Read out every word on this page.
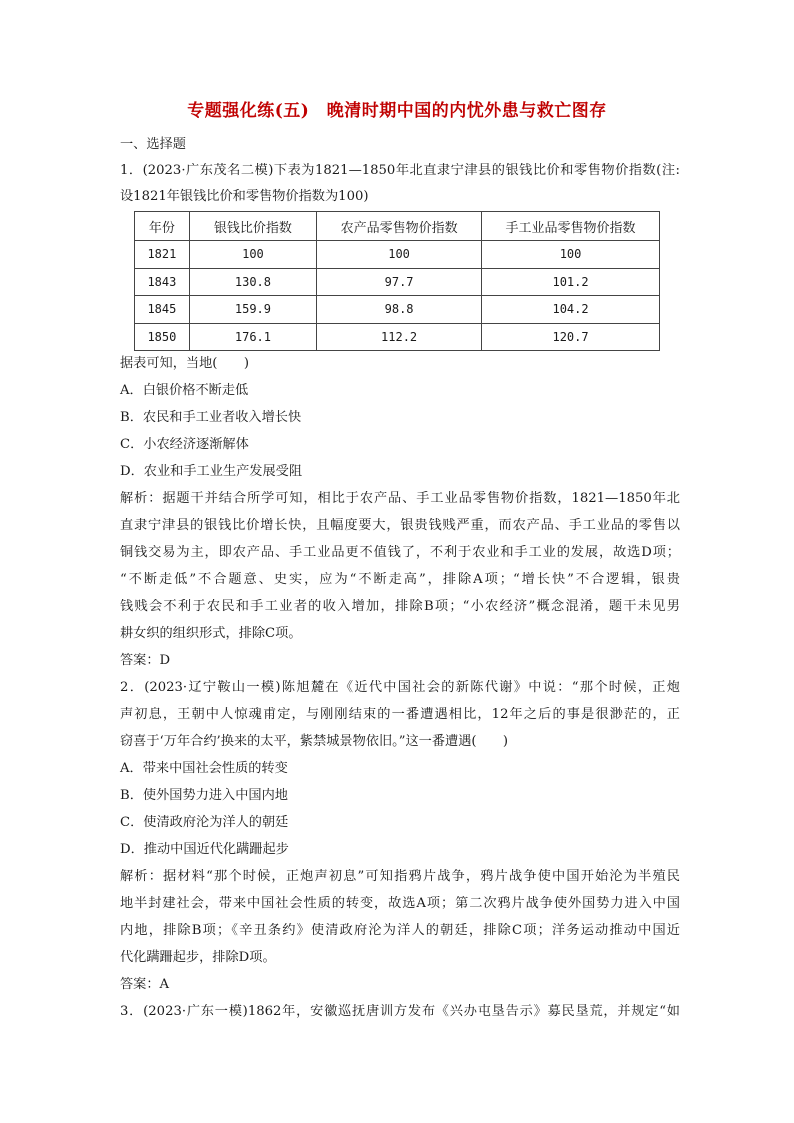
专题强化练(五)　晚清时期中国的内忧外患与救亡图存
一、选择题
1．(2023·广东茂名二模)下表为1821—1850年北直隶宁津县的银钱比价和零售物价指数(注:
设1821年银钱比价和零售物价指数为100)
年份	银钱比价指数	农产品零售物价指数	手工业品零售物价指数
1821	100	100	100
1843	130.8	97.7	101.2
1845	159.9	98.8	104.2
1850	176.1	112.2	120.7
据表可知，当地(　　)
A．白银价格不断走低
B．农民和手工业者收入增长快
C．小农经济逐渐解体
D．农业和手工业生产发展受阻
解析：据题干并结合所学可知，相比于农产品、手工业品零售物价指数，1821—1850年北
直隶宁津县的银钱比价增长快，且幅度要大，银贵钱贱严重，而农产品、手工业品的零售以
铜钱交易为主，即农产品、手工业品更不值钱了，不利于农业和手工业的发展，故选D项；
“不断走低”不合题意、史实，应为“不断走高”，排除A项；“增长快”不合逻辑，银贵
钱贱会不利于农民和手工业者的收入增加，排除B项；“小农经济”概念混淆，题干未见男
耕女织的组织形式，排除C项。
答案：D
2．(2023·辽宁鞍山一模)陈旭麓在《近代中国社会的新陈代谢》中说：“那个时候，正炮
声初息，王朝中人惊魂甫定，与刚刚结束的一番遭遇相比，12年之后的事是很渺茫的，正
窃喜于‘万年合约’换来的太平，紫禁城景物依旧。”这一番遭遇(　　)
A．带来中国社会性质的转变
B．使外国势力进入中国内地
C．使清政府沦为洋人的朝廷
D．推动中国近代化蹒跚起步
解析：据材料“那个时候，正炮声初息”可知指鸦片战争，鸦片战争使中国开始沦为半殖民
地半封建社会，带来中国社会性质的转变，故选A项；第二次鸦片战争使外国势力进入中国
内地，排除B项；《辛丑条约》使清政府沦为洋人的朝廷，排除C项；洋务运动推动中国近
代化蹒跚起步，排除D项。
答案：A
3．(2023·广东一模)1862年，安徽巡抚唐训方发布《兴办屯垦告示》募民垦荒，并规定“如
